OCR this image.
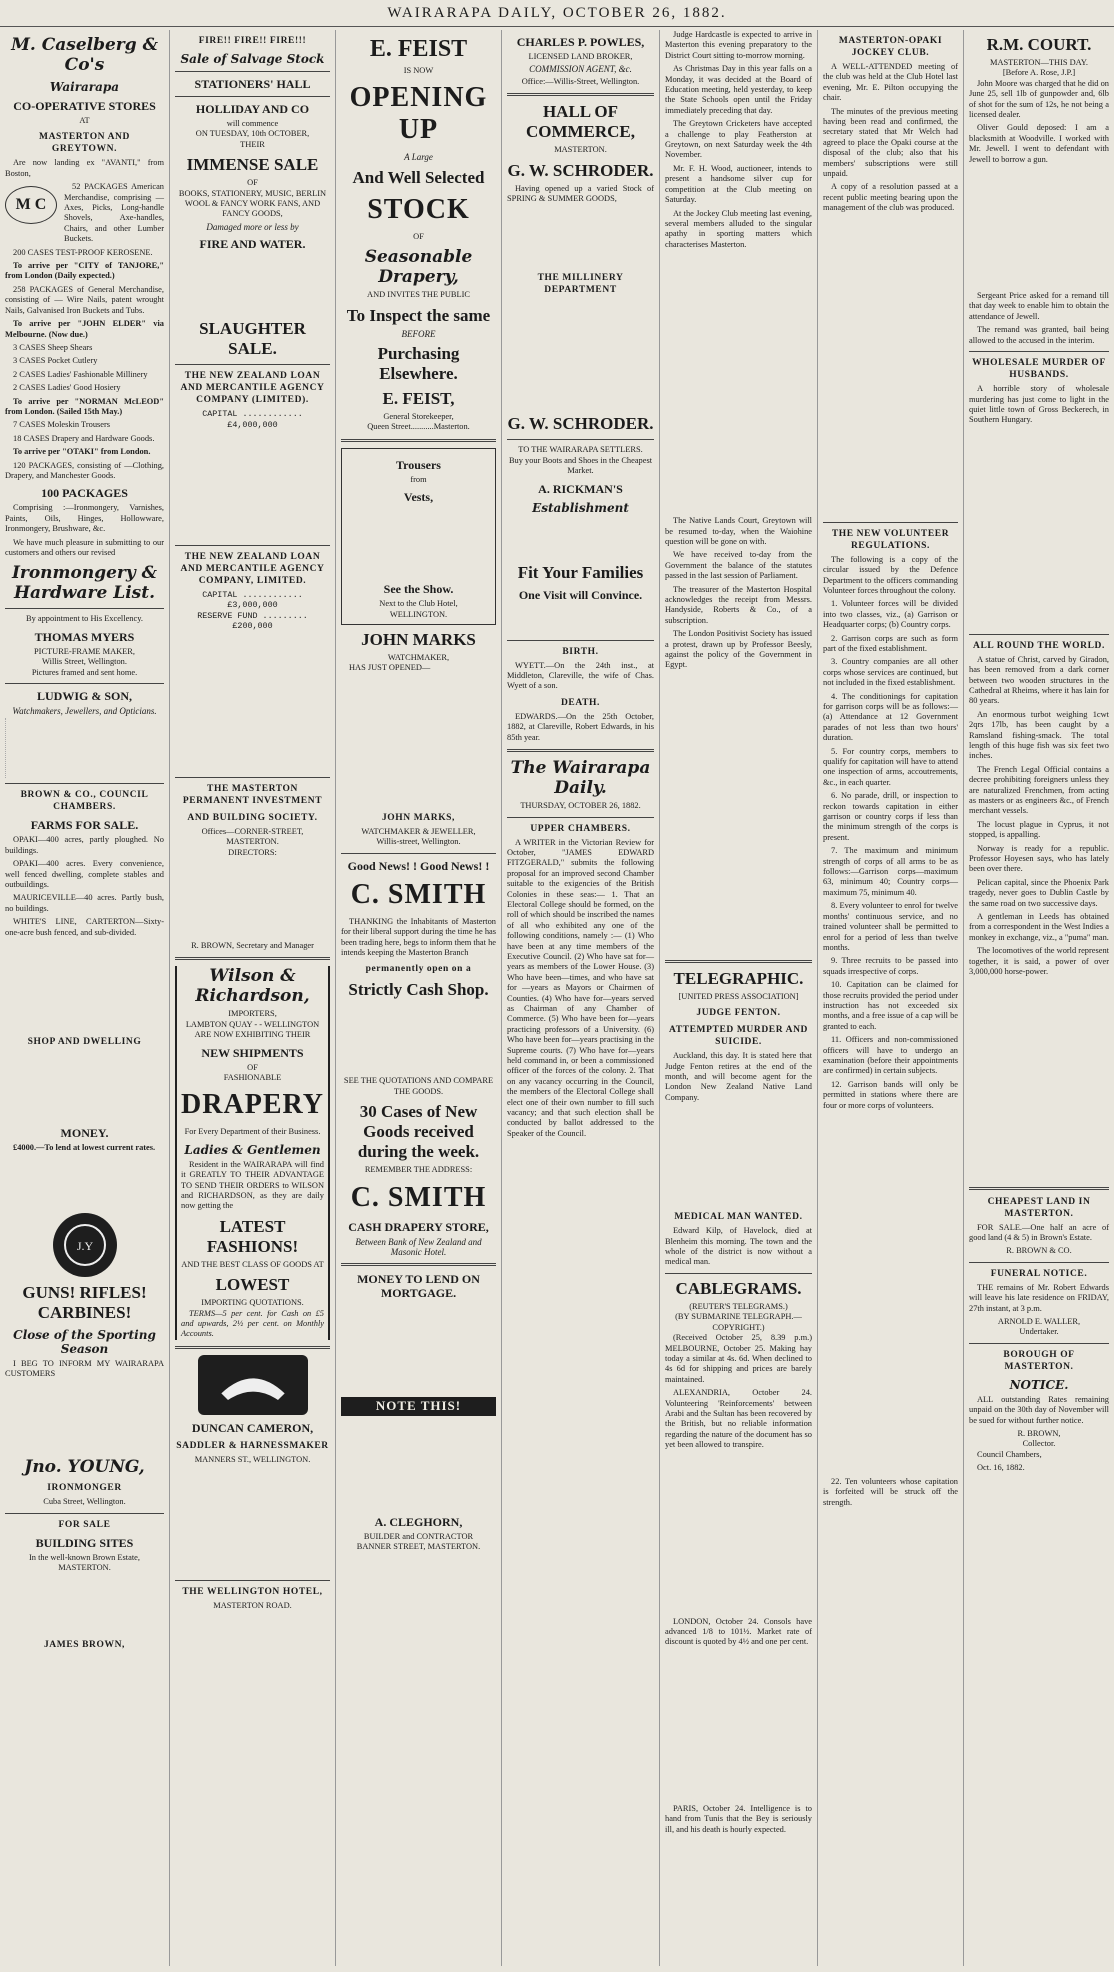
WAIRARAPA DAILY, OCTOBER 26, 1882.
M. Caselberg & Co's
Wairarapa
CO-OPERATIVE STORES
AT
MASTERTON AND GREYTOWN.
Are now landing ex "AVANTI," from Boston,
M C
52 PACKAGES American Merchandise, comprising — Axes, Picks, Long-handle Shovels, Axe-handles, Chairs, and other Lumber Buckets.
200 CASES TEST-PROOF KEROSENE.
To arrive per "CITY of TANJORE," from London (Daily expected.)
258 PACKAGES of General Merchandise, consisting of — Wire Nails, patent wrought Nails, Galvanised Iron Buckets and Tubs.
To arrive per "JOHN ELDER" via Melbourne. (Now due.)
3 CASES Sheep Shears
3 CASES Pocket Cutlery
2 CASES Ladies' Fashionable Millinery
2 CASES Ladies' Good Hosiery
To arrive per "NORMAN McLEOD" from London. (Sailed 15th May.)
7 CASES Moleskin Trousers
18 CASES Drapery and Hardware Goods.
To arrive per "OTAKI" from London.
120 PACKAGES, consisting of —Clothing, Drapery, and Manchester Goods.
100 PACKAGES
Comprising :—Ironmongery, Varnishes, Paints, Oils, Hinges, Hollowware, Ironmongery, Brushware, &c.
We have much pleasure in submitting to our customers and others our revised
Ironmongery & Hardware List.
By appointment to His Excellency.
THOMAS MYERS
PICTURE-FRAME MAKER,
Willis Street, Wellington.
Pictures framed and sent home.
LUDWIG & SON,
Watchmakers, Jewellers, and Opticians.
BROWN & CO., COUNCIL CHAMBERS.
FARMS FOR SALE.
OPAKI—400 acres, partly ploughed. No buildings.
OPAKI—400 acres. Every convenience, well fenced dwelling, complete stables and outbuildings.
MAURICEVILLE—40 acres. Partly bush, no buildings.
WHITE'S LINE, CARTERTON—Sixty-one-acre bush fenced, and sub-divided.
SHOP AND DWELLING
MONEY.
£4000.—To lend at lowest current rates.
J.Y
GUNS! RIFLES! CARBINES!
Close of the Sporting Season
I BEG TO INFORM MY WAIRARAPA CUSTOMERS
Jno. YOUNG,
IRONMONGER
Cuba Street, Wellington.
FOR SALE
BUILDING SITES
In the well-known Brown Estate, MASTERTON.
JAMES BROWN,
FIRE!! FIRE!! FIRE!!!
Sale of Salvage Stock
STATIONERS' HALL
HOLLIDAY AND CO
will commence
ON TUESDAY, 10th OCTOBER,
THEIR
IMMENSE SALE
OF
BOOKS, STATIONERY, MUSIC, BERLIN WOOL & FANCY WORK FANS, AND FANCY GOODS,
Damaged more or less by
FIRE AND WATER.
SLAUGHTER SALE.
THE NEW ZEALAND LOAN AND MERCANTILE AGENCY COMPANY (LIMITED).
CAPITAL ............ £4,000,000
THE NEW ZEALAND LOAN AND MERCANTILE AGENCY COMPANY, LIMITED.
CAPITAL ............ £3,000,000
RESERVE FUND ......... £200,000
THE MASTERTON PERMANENT INVESTMENT
AND BUILDING SOCIETY.
Offices—CORNER-STREET, MASTERTON.
DIRECTORS:
R. BROWN, Secretary and Manager
Wilson & Richardson,
IMPORTERS,
LAMBTON QUAY - - WELLINGTON
ARE NOW EXHIBITING THEIR
NEW SHIPMENTS
OF
FASHIONABLE
DRAPERY
For Every Department of their Business.
Ladies & Gentlemen
Resident in the WAIRARAPA will find it GREATLY TO THEIR ADVANTAGE TO SEND THEIR ORDERS to WILSON and RICHARDSON, as they are daily now getting the
LATEST FASHIONS!
AND THE BEST CLASS OF GOODS AT
LOWEST
IMPORTING QUOTATIONS.
TERMS—5 per cent. for Cash on £5 and upwards, 2½ per cent. on Monthly Accounts.
DUNCAN CAMERON,
SADDLER & HARNESSMAKER
MANNERS ST., WELLINGTON.
THE WELLINGTON HOTEL,
MASTERTON ROAD.
E. FEIST
IS NOW
OPENING UP
A Large
And Well Selected
STOCK
OF
Seasonable Drapery,
AND INVITES THE PUBLIC
To Inspect the same
BEFORE
Purchasing Elsewhere.
E. FEIST,
General Storekeeper,
Queen Street...........Masterton.
Trousers
from
Vests,
See the Show.
Next to the Club Hotel,
WELLINGTON.
JOHN MARKS
WATCHMAKER,
HAS JUST OPENED—
JOHN MARKS,
WATCHMAKER & JEWELLER,
Willis-street, Wellington.
Good News! ! Good News! !
C. SMITH
THANKING the Inhabitants of Masterton for their liberal support during the time he has been trading here, begs to inform them that he intends keeping the Masterton Branch
permanently open on a
Strictly Cash Shop.
SEE THE QUOTATIONS AND COMPARE THE GOODS.
30 Cases of New Goods received during the week.
REMEMBER THE ADDRESS:
C. SMITH
CASH DRAPERY STORE,
Between Bank of New Zealand and Masonic Hotel.
MONEY TO LEND ON MORTGAGE.
NOTE THIS!
A. CLEGHORN,
BUILDER and CONTRACTOR
BANNER STREET, MASTERTON.
CHARLES P. POWLES,
LICENSED LAND BROKER,
COMMISSION AGENT, &c.
Office:—Willis-Street, Wellington.
HALL OF COMMERCE,
MASTERTON.
G. W. SCHRODER.
Having opened up a varied Stock of SPRING & SUMMER GOODS,
THE MILLINERY DEPARTMENT
G. W. SCHRODER.
TO THE WAIRARAPA SETTLERS.
Buy your Boots and Shoes in the Cheapest Market.
A. RICKMAN'S
Establishment
Fit Your Families
One Visit will Convince.
BIRTH.
WYETT.—On the 24th inst., at Middleton, Clareville, the wife of Chas. Wyett of a son.
DEATH.
EDWARDS.—On the 25th October, 1882, at Clareville, Robert Edwards, in his 85th year.
The Wairarapa Daily.
THURSDAY, OCTOBER 26, 1882.
UPPER CHAMBERS.
A WRITER in the Victorian Review for October, "JAMES EDWARD FITZGERALD," submits the following proposal for an improved second Chamber suitable to the exigencies of the British Colonies in these seas:— 1. That an Electoral College should be formed, on the roll of which should be inscribed the names of all who exhibited any one of the following conditions, namely :— (1) Who have been at any time members of the Executive Council. (2) Who have sat for—years as members of the Lower House. (3) Who have been—times, and who have sat for —years as Mayors or Chairmen of Counties. (4) Who have for—years served as Chairman of any Chamber of Commerce. (5) Who have been for—years practicing professors of a University. (6) Who have been for—years practising in the Supreme courts. (7) Who have for—years held command in, or been a commissioned officer of the forces of the colony. 2. That on any vacancy occurring in the Council, the members of the Electoral College shall elect one of their own number to fill such vacancy; and that such election shall be conducted by ballot addressed to the Speaker of the Council.
Judge Hardcastle is expected to arrive in Masterton this evening preparatory to the District Court sitting to-morrow morning.
As Christmas Day in this year falls on a Monday, it was decided at the Board of Education meeting, held yesterday, to keep the State Schools open until the Friday immediately preceding that day.
The Greytown Cricketers have accepted a challenge to play Featherston at Greytown, on next Saturday week the 4th November.
Mr. F. H. Wood, auctioneer, intends to present a handsome silver cup for competition at the Club meeting on Saturday.
At the Jockey Club meeting last evening, several members alluded to the singular apathy in sporting matters which characterises Masterton.
The Native Lands Court, Greytown will be resumed to-day, when the Waiohine question will be gone on with.
We have received to-day from the Government the balance of the statutes passed in the last session of Parliament.
The treasurer of the Masterton Hospital acknowledges the receipt from Messrs. Handyside, Roberts & Co., of a subscription.
The London Positivist Society has issued a protest, drawn up by Professor Beesly, against the policy of the Government in Egypt.
TELEGRAPHIC.
[UNITED PRESS ASSOCIATION]
JUDGE FENTON.
ATTEMPTED MURDER AND SUICIDE.
Auckland, this day. It is stated here that Judge Fenton retires at the end of the month, and will become agent for the London New Zealand Native Land Company.
MEDICAL MAN WANTED.
Edward Kilp, of Havelock, died at Blenheim this morning. The town and the whole of the district is now without a medical man.
CABLEGRAMS.
(REUTER'S TELEGRAMS.)
(BY SUBMARINE TELEGRAPH.—COPYRIGHT.)
(Received October 25, 8.39 p.m.) MELBOURNE, October 25. Making hay today a similar at 4s. 6d. When declined to 4s 6d for shipping and prices are barely maintained.
ALEXANDRIA, October 24. Volunteering 'Reinforcements' between Arabi and the Sultan has been recovered by the British, but no reliable information regarding the nature of the document has so yet been allowed to transpire.
LONDON, October 24. Consols have advanced 1/8 to 101½. Market rate of discount is quoted by 4½ and one per cent.
PARIS, October 24. Intelligence is to hand from Tunis that the Bey is seriously ill, and his death is hourly expected.
MASTERTON-OPAKI JOCKEY CLUB.
A WELL-ATTENDED meeting of the club was held at the Club Hotel last evening, Mr. E. Pilton occupying the chair.
The minutes of the previous meeting having been read and confirmed, the secretary stated that Mr Welch had agreed to place the Opaki course at the disposal of the club; also that his members' subscriptions were still unpaid.
A copy of a resolution passed at a recent public meeting bearing upon the management of the club was produced.
THE NEW VOLUNTEER REGULATIONS.
The following is a copy of the circular issued by the Defence Department to the officers commanding Volunteer forces throughout the colony.
1. Volunteer forces will be divided into two classes, viz., (a) Garrison or Headquarter corps; (b) Country corps.
2. Garrison corps are such as form part of the fixed establishment.
3. Country companies are all other corps whose services are continued, but not included in the fixed establishment.
4. The conditionings for capitation for garrison corps will be as follows:—(a) Attendance at 12 Government parades of not less than two hours' duration.
5. For country corps, members to qualify for capitation will have to attend one inspection of arms, accoutrements, &c., in each quarter.
6. No parade, drill, or inspection to reckon towards capitation in either garrison or country corps if less than the minimum strength of the corps is present.
7. The maximum and minimum strength of corps of all arms to be as follows:—Garrison corps—maximum 63, minimum 40; Country corps—maximum 75, minimum 40.
8. Every volunteer to enrol for twelve months' continuous service, and no trained volunteer shall be permitted to enrol for a period of less than twelve months.
9. Three recruits to be passed into squads irrespective of corps.
10. Capitation can be claimed for those recruits provided the period under instruction has not exceeded six months, and a free issue of a cap will be granted to each.
11. Officers and non-commissioned officers will have to undergo an examination (before their appointments are confirmed) in certain subjects.
12. Garrison bands will only be permitted in stations where there are four or more corps of volunteers.
22. Ten volunteers whose capitation is forfeited will be struck off the strength.
R.M. COURT.
MASTERTON—THIS DAY.
[Before A. Rose, J.P.]
John Moore was charged that he did on June 25, sell 1lb of gunpowder and, 6lb of shot for the sum of 12s, he not being a licensed dealer.
Oliver Gould deposed: I am a blacksmith at Woodville. I worked with Mr. Jewell. I went to defendant with Jewell to borrow a gun.
Sergeant Price asked for a remand till that day week to enable him to obtain the attendance of Jewell.
The remand was granted, bail being allowed to the accused in the interim.
WHOLESALE MURDER OF HUSBANDS.
A horrible story of wholesale murdering has just come to light in the quiet little town of Gross Beckerech, in Southern Hungary.
ALL ROUND THE WORLD.
A statue of Christ, carved by Giradon, has been removed from a dark corner between two wooden structures in the Cathedral at Rheims, where it has lain for 80 years.
An enormous turbot weighing 1cwt 2qrs 17lb, has been caught by a Ramsland fishing-smack. The total length of this huge fish was six feet two inches.
The French Legal Official contains a decree prohibiting foreigners unless they are naturalized Frenchmen, from acting as masters or as engineers &c., of French merchant vessels.
The locust plague in Cyprus, it not stopped, is appalling.
Norway is ready for a republic. Professor Hoyesen says, who has lately been over there.
Pelican capital, since the Phoenix Park tragedy, never goes to Dublin Castle by the same road on two successive days.
A gentleman in Leeds has obtained from a correspondent in the West Indies a monkey in exchange, viz., a "puma" man.
The locomotives of the world represent together, it is said, a power of over 3,000,000 horse-power.
CHEAPEST LAND IN MASTERTON.
FOR SALE.—One half an acre of good land (4 & 5) in Brown's Estate.
R. BROWN & CO.
FUNERAL NOTICE.
THE remains of Mr. Robert Edwards will leave his late residence on FRIDAY, 27th instant, at 3 p.m.
ARNOLD E. WALLER,
Undertaker.
BOROUGH OF MASTERTON.
NOTICE.
ALL outstanding Rates remaining unpaid on the 30th day of November will be sued for without further notice.
R. BROWN,
Collector.
Council Chambers,
Oct. 16, 1882.
